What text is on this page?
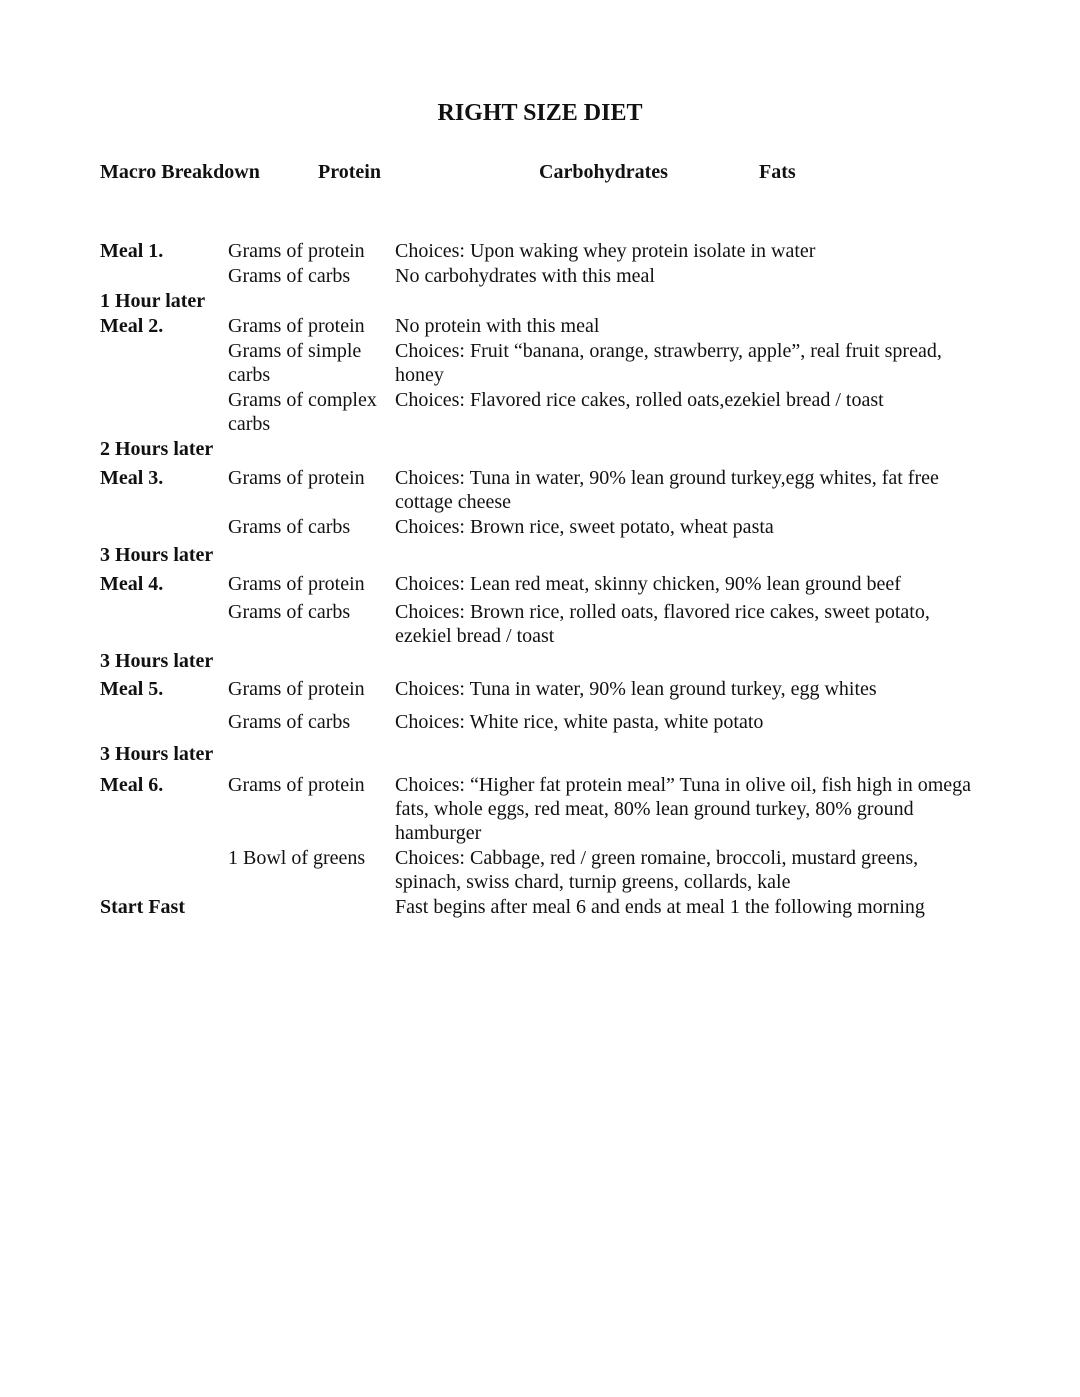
RIGHT SIZE DIET
Macro Breakdown	Protein	Carbohydrates	Fats
Meal 1.	Grams of protein	Choices: Upon waking whey protein isolate in water
	Grams of carbs	No carbohydrates with this meal
1 Hour later		
Meal 2.	Grams of protein	No protein with this meal
	Grams of simple carbs	Choices: Fruit “banana, orange, strawberry, apple”, real fruit spread, honey
	Grams of complex carbs	Choices: Flavored rice cakes, rolled oats,ezekiel bread / toast
2 Hours later		
Meal 3.	Grams of protein	Choices: Tuna in water, 90% lean ground turkey,egg whites, fat free cottage cheese
	Grams of carbs	Choices: Brown rice, sweet potato, wheat pasta
3 Hours later		
Meal 4.	Grams of protein	Choices: Lean red meat, skinny chicken, 90% lean ground beef
	Grams of carbs	Choices: Brown rice, rolled oats, flavored rice cakes, sweet potato, ezekiel bread / toast
3 Hours later		
Meal 5.	Grams of protein	Choices: Tuna in water, 90% lean ground turkey, egg whites
	Grams of carbs	Choices: White rice, white pasta, white potato
3 Hours later		
Meal 6.	Grams of protein	Choices: “Higher fat protein meal” Tuna in olive oil, fish high in omega fats, whole eggs, red meat, 80% lean ground turkey, 80% ground hamburger
	1 Bowl of greens	Choices: Cabbage, red / green romaine, broccoli, mustard greens, spinach, swiss chard, turnip greens, collards, kale
Start Fast		Fast begins after meal 6 and ends at meal 1 the following morning
